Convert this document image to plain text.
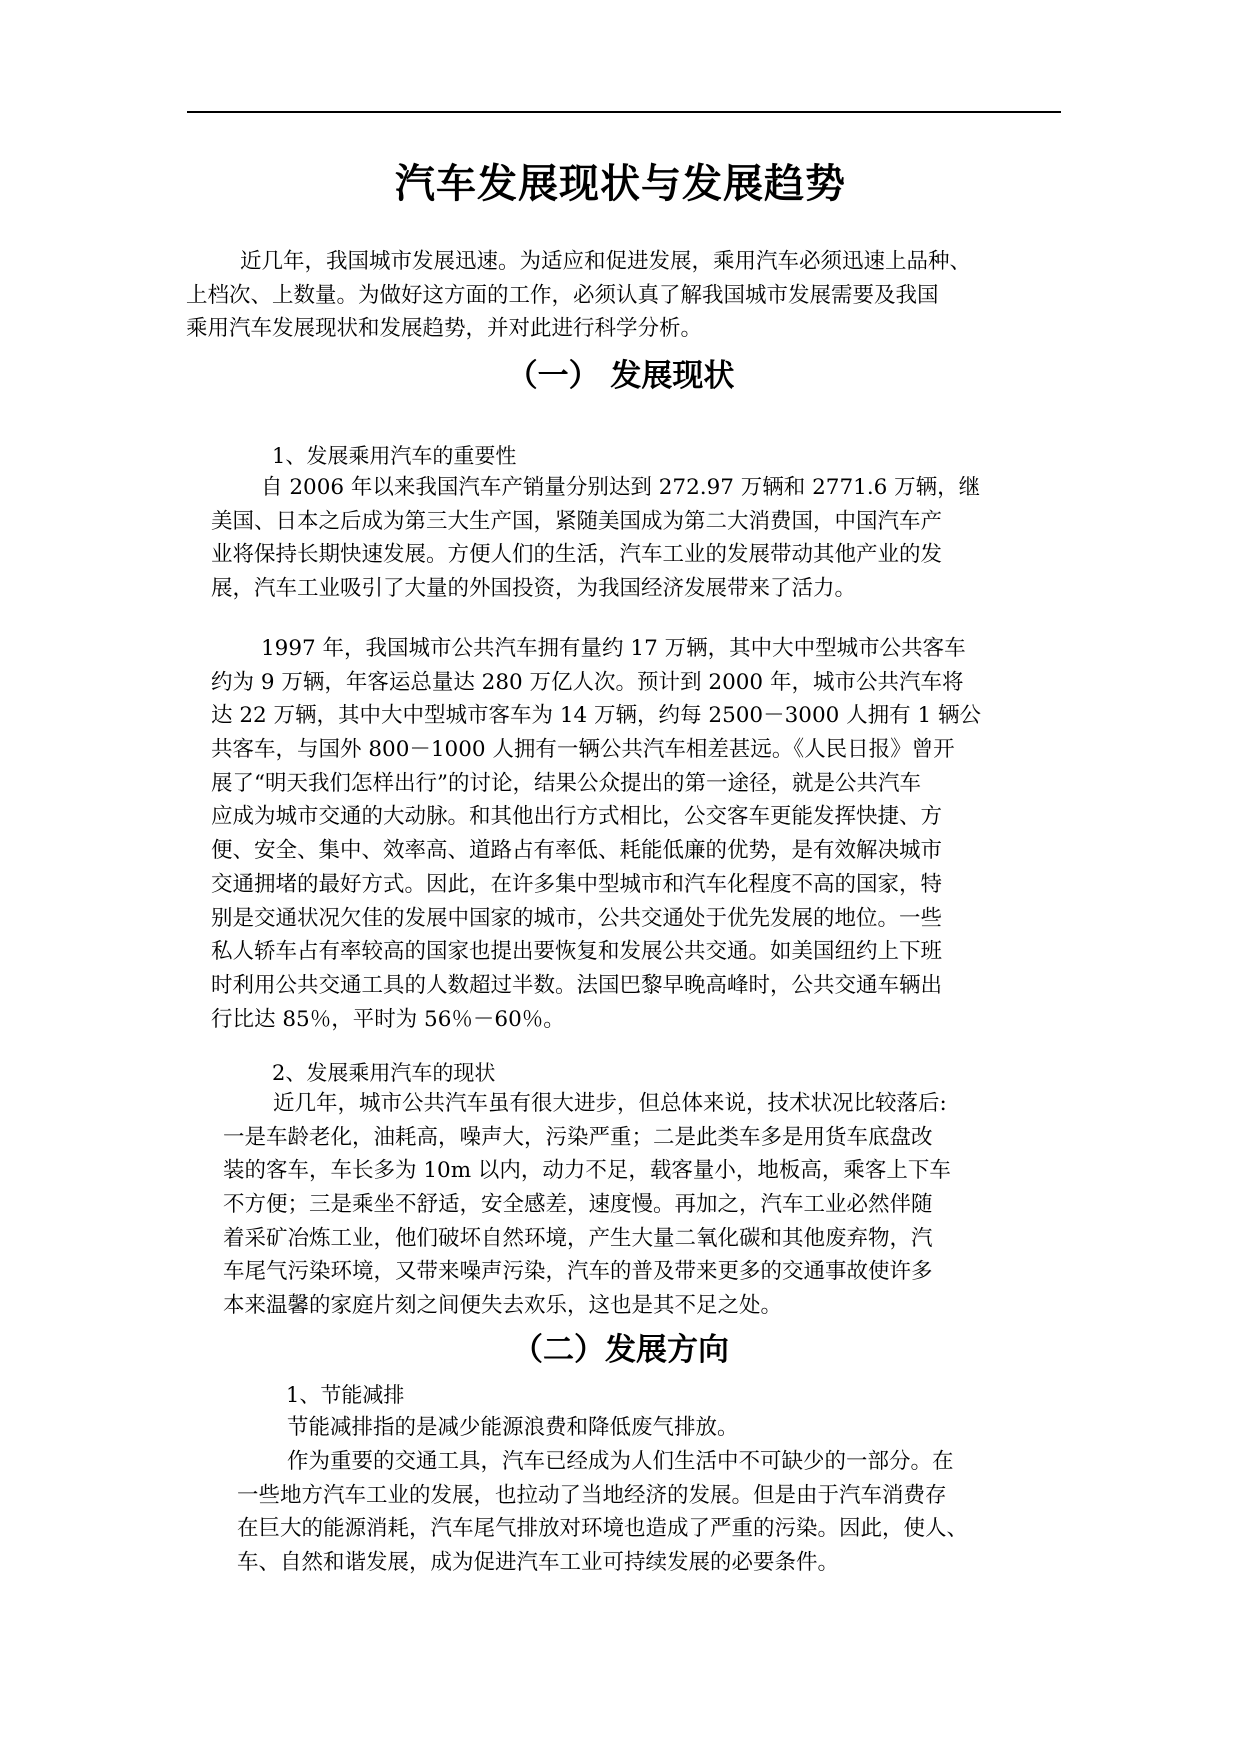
汽车发展现状与发展趋势
近几年，我国城市发展迅速。为适应和促进发展，乘用汽车必须迅速上品种、
上档次、上数量。为做好这方面的工作，必须认真了解我国城市发展需要及我国
乘用汽车发展现状和发展趋势，并对此进行科学分析。
（一） 发展现状
1、发展乘用汽车的重要性
自 2006 年以来我国汽车产销量分别达到 272.97 万辆和 2771.6 万辆，继
美国、日本之后成为第三大生产国，紧随美国成为第二大消费国，中国汽车产
业将保持长期快速发展。方便人们的生活，汽车工业的发展带动其他产业的发
展，汽车工业吸引了大量的外国投资，为我国经济发展带来了活力。
1997 年，我国城市公共汽车拥有量约 17 万辆，其中大中型城市公共客车
约为 9 万辆，年客运总量达 280 万亿人次。预计到 2000 年，城市公共汽车将
达 22 万辆，其中大中型城市客车为 14 万辆，约每 2500－3000 人拥有 1 辆公
共客车，与国外 800－1000 人拥有一辆公共汽车相差甚远。《人民日报》曾开
展了“明天我们怎样出行”的讨论，结果公众提出的第一途径，就是公共汽车
应成为城市交通的大动脉。和其他出行方式相比，公交客车更能发挥快捷、方
便、安全、集中、效率高、道路占有率低、耗能低廉的优势，是有效解决城市
交通拥堵的最好方式。因此，在许多集中型城市和汽车化程度不高的国家，特
别是交通状况欠佳的发展中国家的城市，公共交通处于优先发展的地位。一些
私人轿车占有率较高的国家也提出要恢复和发展公共交通。如美国纽约上下班
时利用公共交通工具的人数超过半数。法国巴黎早晚高峰时，公共交通车辆出
行比达 85％，平时为 56％－60％。
2、发展乘用汽车的现状
近几年，城市公共汽车虽有很大进步，但总体来说，技术状况比较落后:
一是车龄老化，油耗高，噪声大，污染严重；二是此类车多是用货车底盘改
装的客车，车长多为 10m 以内，动力不足，载客量小，地板高，乘客上下车
不方便；三是乘坐不舒适，安全感差，速度慢。再加之，汽车工业必然伴随
着采矿冶炼工业，他们破坏自然环境，产生大量二氧化碳和其他废弃物，汽
车尾气污染环境，又带来噪声污染，汽车的普及带来更多的交通事故使许多
本来温馨的家庭片刻之间便失去欢乐，这也是其不足之处。
（二）发展方向
1、节能减排
节能减排指的是减少能源浪费和降低废气排放。
作为重要的交通工具，汽车已经成为人们生活中不可缺少的一部分。在
一些地方汽车工业的发展，也拉动了当地经济的发展。但是由于汽车消费存
在巨大的能源消耗，汽车尾气排放对环境也造成了严重的污染。因此，使人、
车、自然和谐发展，成为促进汽车工业可持续发展的必要条件。
